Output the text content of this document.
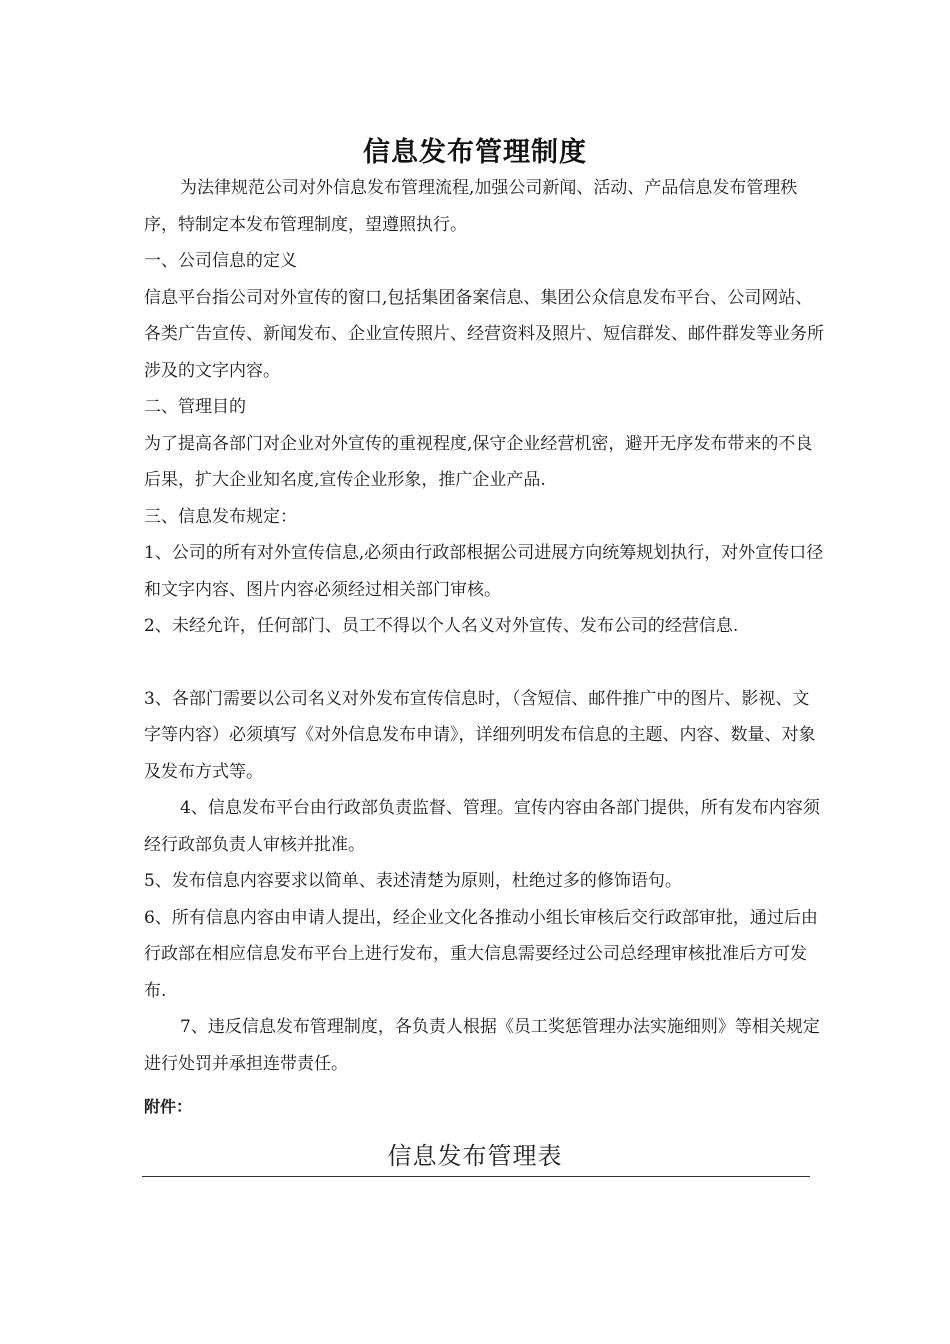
信息发布管理制度

为法律规范公司对外信息发布管理流程,加强公司新闻、活动、产品信息发布管理秩序，特制定本发布管理制度，望遵照执行。

一、公司信息的定义

信息平台指公司对外宣传的窗口,包括集团备案信息、集团公众信息发布平台、公司网站、各类广告宣传、新闻发布、企业宣传照片、经营资料及照片、短信群发、邮件群发等业务所涉及的文字内容。

二、管理目的

为了提高各部门对企业对外宣传的重视程度,保守企业经营机密，避开无序发布带来的不良后果，扩大企业知名度,宣传企业形象，推广企业产品.

三、信息发布规定：

1、公司的所有对外宣传信息,必须由行政部根据公司进展方向统筹规划执行，对外宣传口径和文字内容、图片内容必须经过相关部门审核。

2、未经允许，任何部门、员工不得以个人名义对外宣传、发布公司的经营信息.

3、各部门需要以公司名义对外发布宣传信息时，（含短信、邮件推广中的图片、影视、文字等内容）必须填写《对外信息发布申请》，详细列明发布信息的主题、内容、数量、对象及发布方式等。

4、信息发布平台由行政部负责监督、管理。宣传内容由各部门提供，所有发布内容须经行政部负责人审核并批准。

5、发布信息内容要求以简单、表述清楚为原则，杜绝过多的修饰语句。

6、所有信息内容由申请人提出，经企业文化各推动小组长审核后交行政部审批，通过后由行政部在相应信息发布平台上进行发布，重大信息需要经过公司总经理审核批准后方可发布.

7、违反信息发布管理制度，各负责人根据《员工奖惩管理办法实施细则》等相关规定进行处罚并承担连带责任。

附件：
信息发布管理表
